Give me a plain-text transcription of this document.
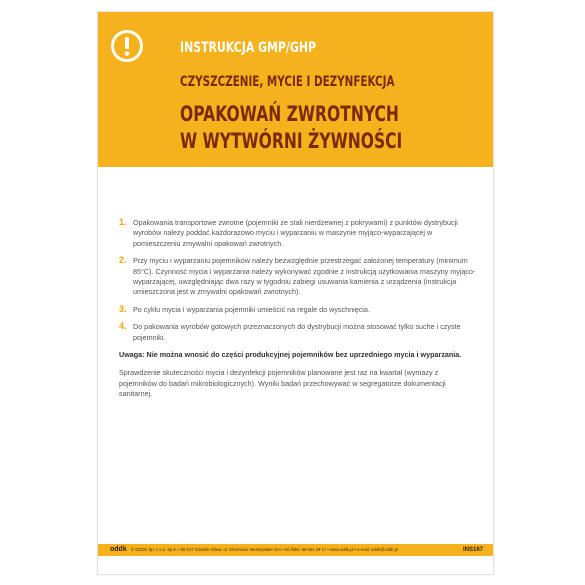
INSTRUKCJA GMP/GHP
CZYSZCZENIE, MYCIE I DEZYNFEKCJA
OPAKOWAŃ ZWROTNYCH
W WYTWÓRNI ŻYWNOŚCI
1. Opakowania transportowe zwrotne (pojemniki ze stali nierdzewnej z pokrywami) z punktów dystrybucji wyrobów należy poddać każdorazowo myciu i wyparzaniu w maszynie myjąco-wyparzającej w pomieszczeniu zmywalni opakowań zwrotnych.
2. Przy myciu i wyparzaniu pojemników należy bezwzględnie przestrzegać założonej temperatury (minimum 85°C). Czynność mycia i wyparzania należy wykonywać zgodnie z instrukcją użytkowania maszyny myjąco-wyparzającej, uwzględniając dwa razy w tygodniu zabiegi usuwania kamienia z urządzenia (instrukcja umieszczona jest w zmywalni opakowań zwrotnych).
3. Po cyklu mycia i wyparzania pojemniki umieścić na regale do wyschnięcia.
4. Do pakowania wyrobów gotowych przeznaczonych do dystrybucji można stosować tylko suche i czyste pojemniki.

Uwaga: Nie można wnosić do części produkcyjnej pojemników bez uprzedniego mycia i wyparzania.

Sprawdzenie skuteczności mycia i dezynfekcji pojemników planowane jest raz na kwartał (wymazy z pojemników do badań mikrobiologicznych). Wyniki badań przechowywać w segregatorze dokumentacji sanitarnej.

oddk © ODDK Sp. z o.o. Sp.k. • 80-017 Gdańsk-Oliwa, ul. Obrońców Westerplatte 32A • tel./faks: 58 554 29 17 • www.oddk.pl • e-mail: oddk@oddk.pl	INS167
